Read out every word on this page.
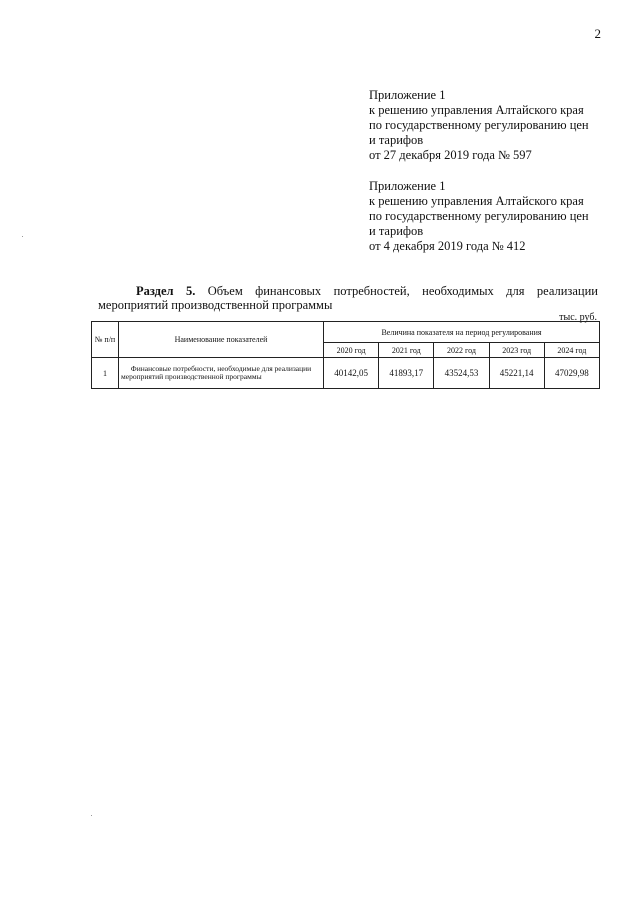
2
Приложение 1
к решению управления Алтайского края
по государственному регулированию цен
и тарифов
от 27 декабря 2019 года № 597
Приложение 1
к решению управления Алтайского края
по государственному регулированию цен
и тарифов
от 4 декабря 2019 года № 412
Раздел 5. Объем финансовых потребностей, необходимых для реализации
мероприятий производственной программы
тыс. руб.
№ п/п	Наименование показателей	Величина показателя на период регулирования				
		2020 год	2021 год	2022 год	2023 год	2024 год
1	Финансовые потребности, необходимые для реализации мероприятий производственной программы	40142,05	41893,17	43524,53	45221,14	47029,98
